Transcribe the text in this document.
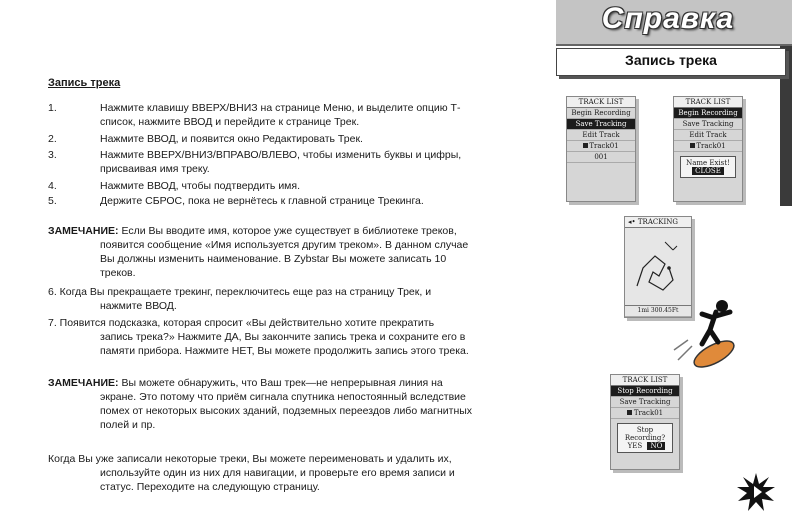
Справка
Запись трека
Запись трека
1.	Нажмите клавишу ВВЕРХ/ВНИЗ на странице Меню, и выделите опцию Т-
список, нажмите ВВОД и перейдите к странице Трек.
2.	Нажмите ВВОД, и появится окно Редактировать Трек.
3.	Нажмите ВВЕРХ/ВНИЗ/ВПРАВО/ВЛЕВО, чтобы изменить буквы и цифры,
присваивая имя треку.
4.	Нажмите ВВОД, чтобы подтвердить имя.
5.	Держите СБРОС, пока не вернётесь к главной странице Трекинга.
ЗАМЕЧАНИЕ: Если Вы вводите имя, которое уже существует в библиотеке треков,
появится сообщение «Имя используется другим треком». В данном случае
Вы должны изменить наименование. В Zybstar Вы можете записать 10
треков.
6. Когда Вы прекращаете трекинг, переключитесь еще раз на страницу Трек, и
нажмите ВВОД.
7. Появится подсказка, которая спросит «Вы действительно хотите прекратить
запись трека?» Нажмите ДА, Вы закончите запись трека и сохраните его в
памяти прибора. Нажмите НЕТ, Вы можете продолжить запись этого трека.
ЗАМЕЧАНИЕ: Вы можете обнаружить, что Ваш трек—не непрерывная линия на
экране. Это потому что приём сигнала спутника непостоянный вследствие
помех от некоторых высоких зданий, подземных переездов либо магнитных
полей и пр.
Когда Вы уже записали некоторые треки, Вы можете переименовать и удалить их,
используйте один из них для навигации, и проверьте его время записи и
статус. Переходите на следующую страницу.
TRACK LIST
Begin Recording
Save Tracking
Edit Track
Track01
001
TRACK LIST
Begin Recording
Save Tracking
Edit Track
Track01
Name Exist!
CLOSE
◂• TRACKING
1mi 300.45Ft
TRACK LIST
Stop Recording
Save Tracking
Track01
Stop Recording?
YES NO
